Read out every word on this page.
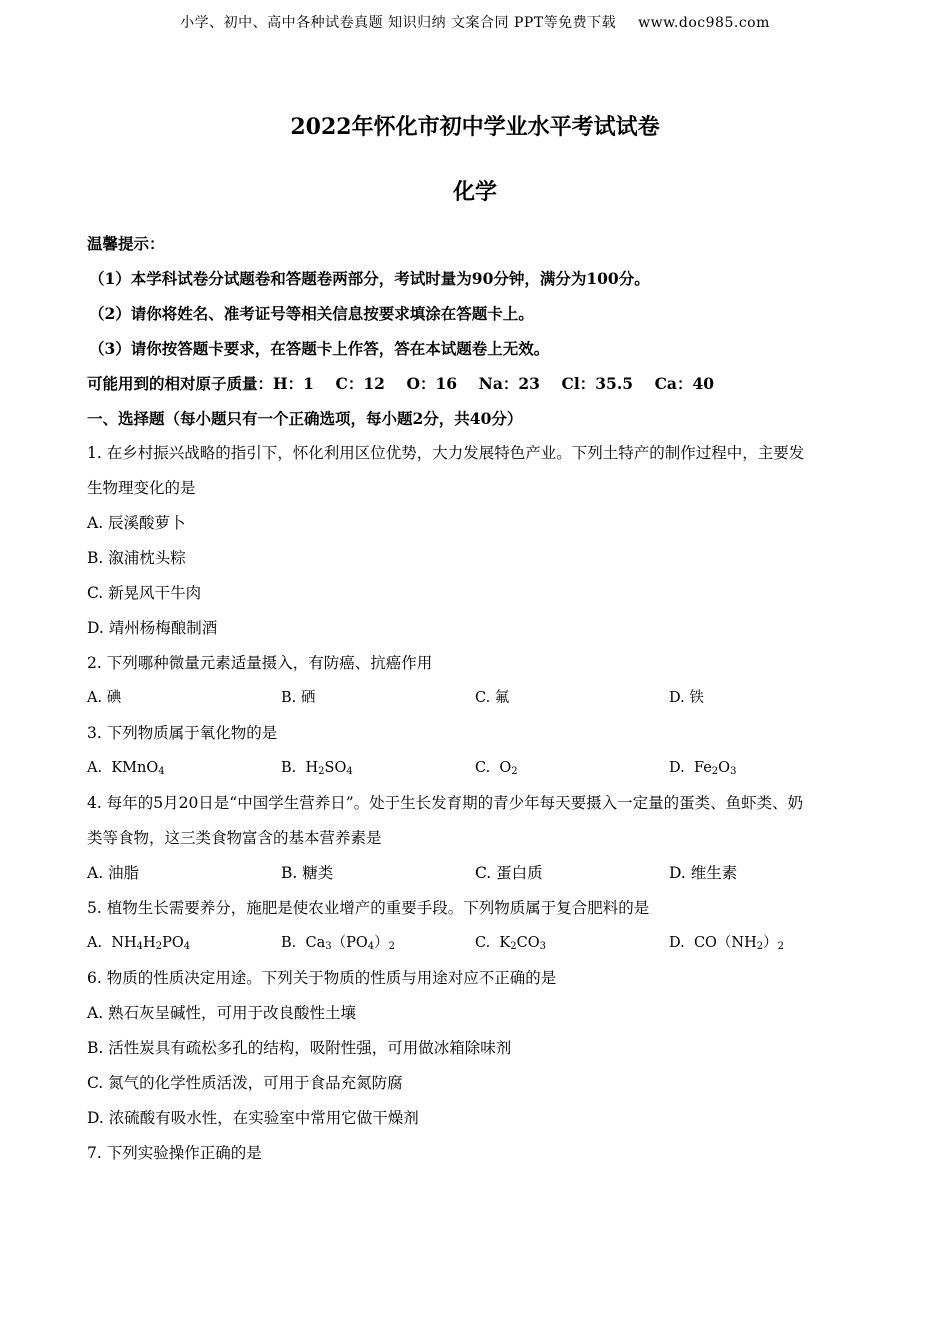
小学、初中、高中各种试卷真题 知识归纳 文案合同 PPT等免费下载 www.doc985.com
2022年怀化市初中学业水平考试试卷
化学
温馨提示：
（1）本学科试卷分试题卷和答题卷两部分，考试时量为90分钟，满分为100分。
（2）请你将姓名、准考证号等相关信息按要求填涂在答题卡上。
（3）请你按答题卡要求，在答题卡上作答，答在本试题卷上无效。
可能用到的相对原子质量：H：1    C：12    O：16    Na：23    Cl：35.5    Ca：40
一、选择题（每小题只有一个正确选项，每小题2分，共40分）
1. 在乡村振兴战略的指引下，怀化利用区位优势，大力发展特色产业。下列土特产的制作过程中，主要发
生物理变化的是
A. 辰溪酸萝卜
B. 溆浦枕头粽
C. 新晃风干牛肉
D. 靖州杨梅酿制酒
2. 下列哪种微量元素适量摄入，有防癌、抗癌作用
A. 碘	B. 硒	C. 氟	D. 铁
3. 下列物质属于氧化物的是
A. KMnO$_4$	B. $H_2SO_4$	C. $O_2$	D. $Fe_2O_3$
4. 每年的5月20日是“中国学生营养日”。处于生长发育期的青少年每天要摄入一定量的蛋类、鱼虾类、奶
类等食物，这三类食物富含的基本营养素是
A. 油脂	B. 糖类	C. 蛋白质	D. 维生素
5. 植物生长需要养分，施肥是使农业增产的重要手段。下列物质属于复合肥料的是
A. $NH_4H_2PO_4$	B. $Ca_3(PO_4)_2$	C. $K_2CO_3$	D. $CO(NH_2)_2$
6. 物质的性质决定用途。下列关于物质的性质与用途对应不正确的是
A. 熟石灰呈碱性，可用于改良酸性土壤
B. 活性炭具有疏松多孔的结构，吸附性强，可用做冰箱除味剂
C. 氮气的化学性质活泼，可用于食品充氮防腐
D. 浓硫酸有吸水性，在实验室中常用它做干燥剂
7. 下列实验操作正确的是
